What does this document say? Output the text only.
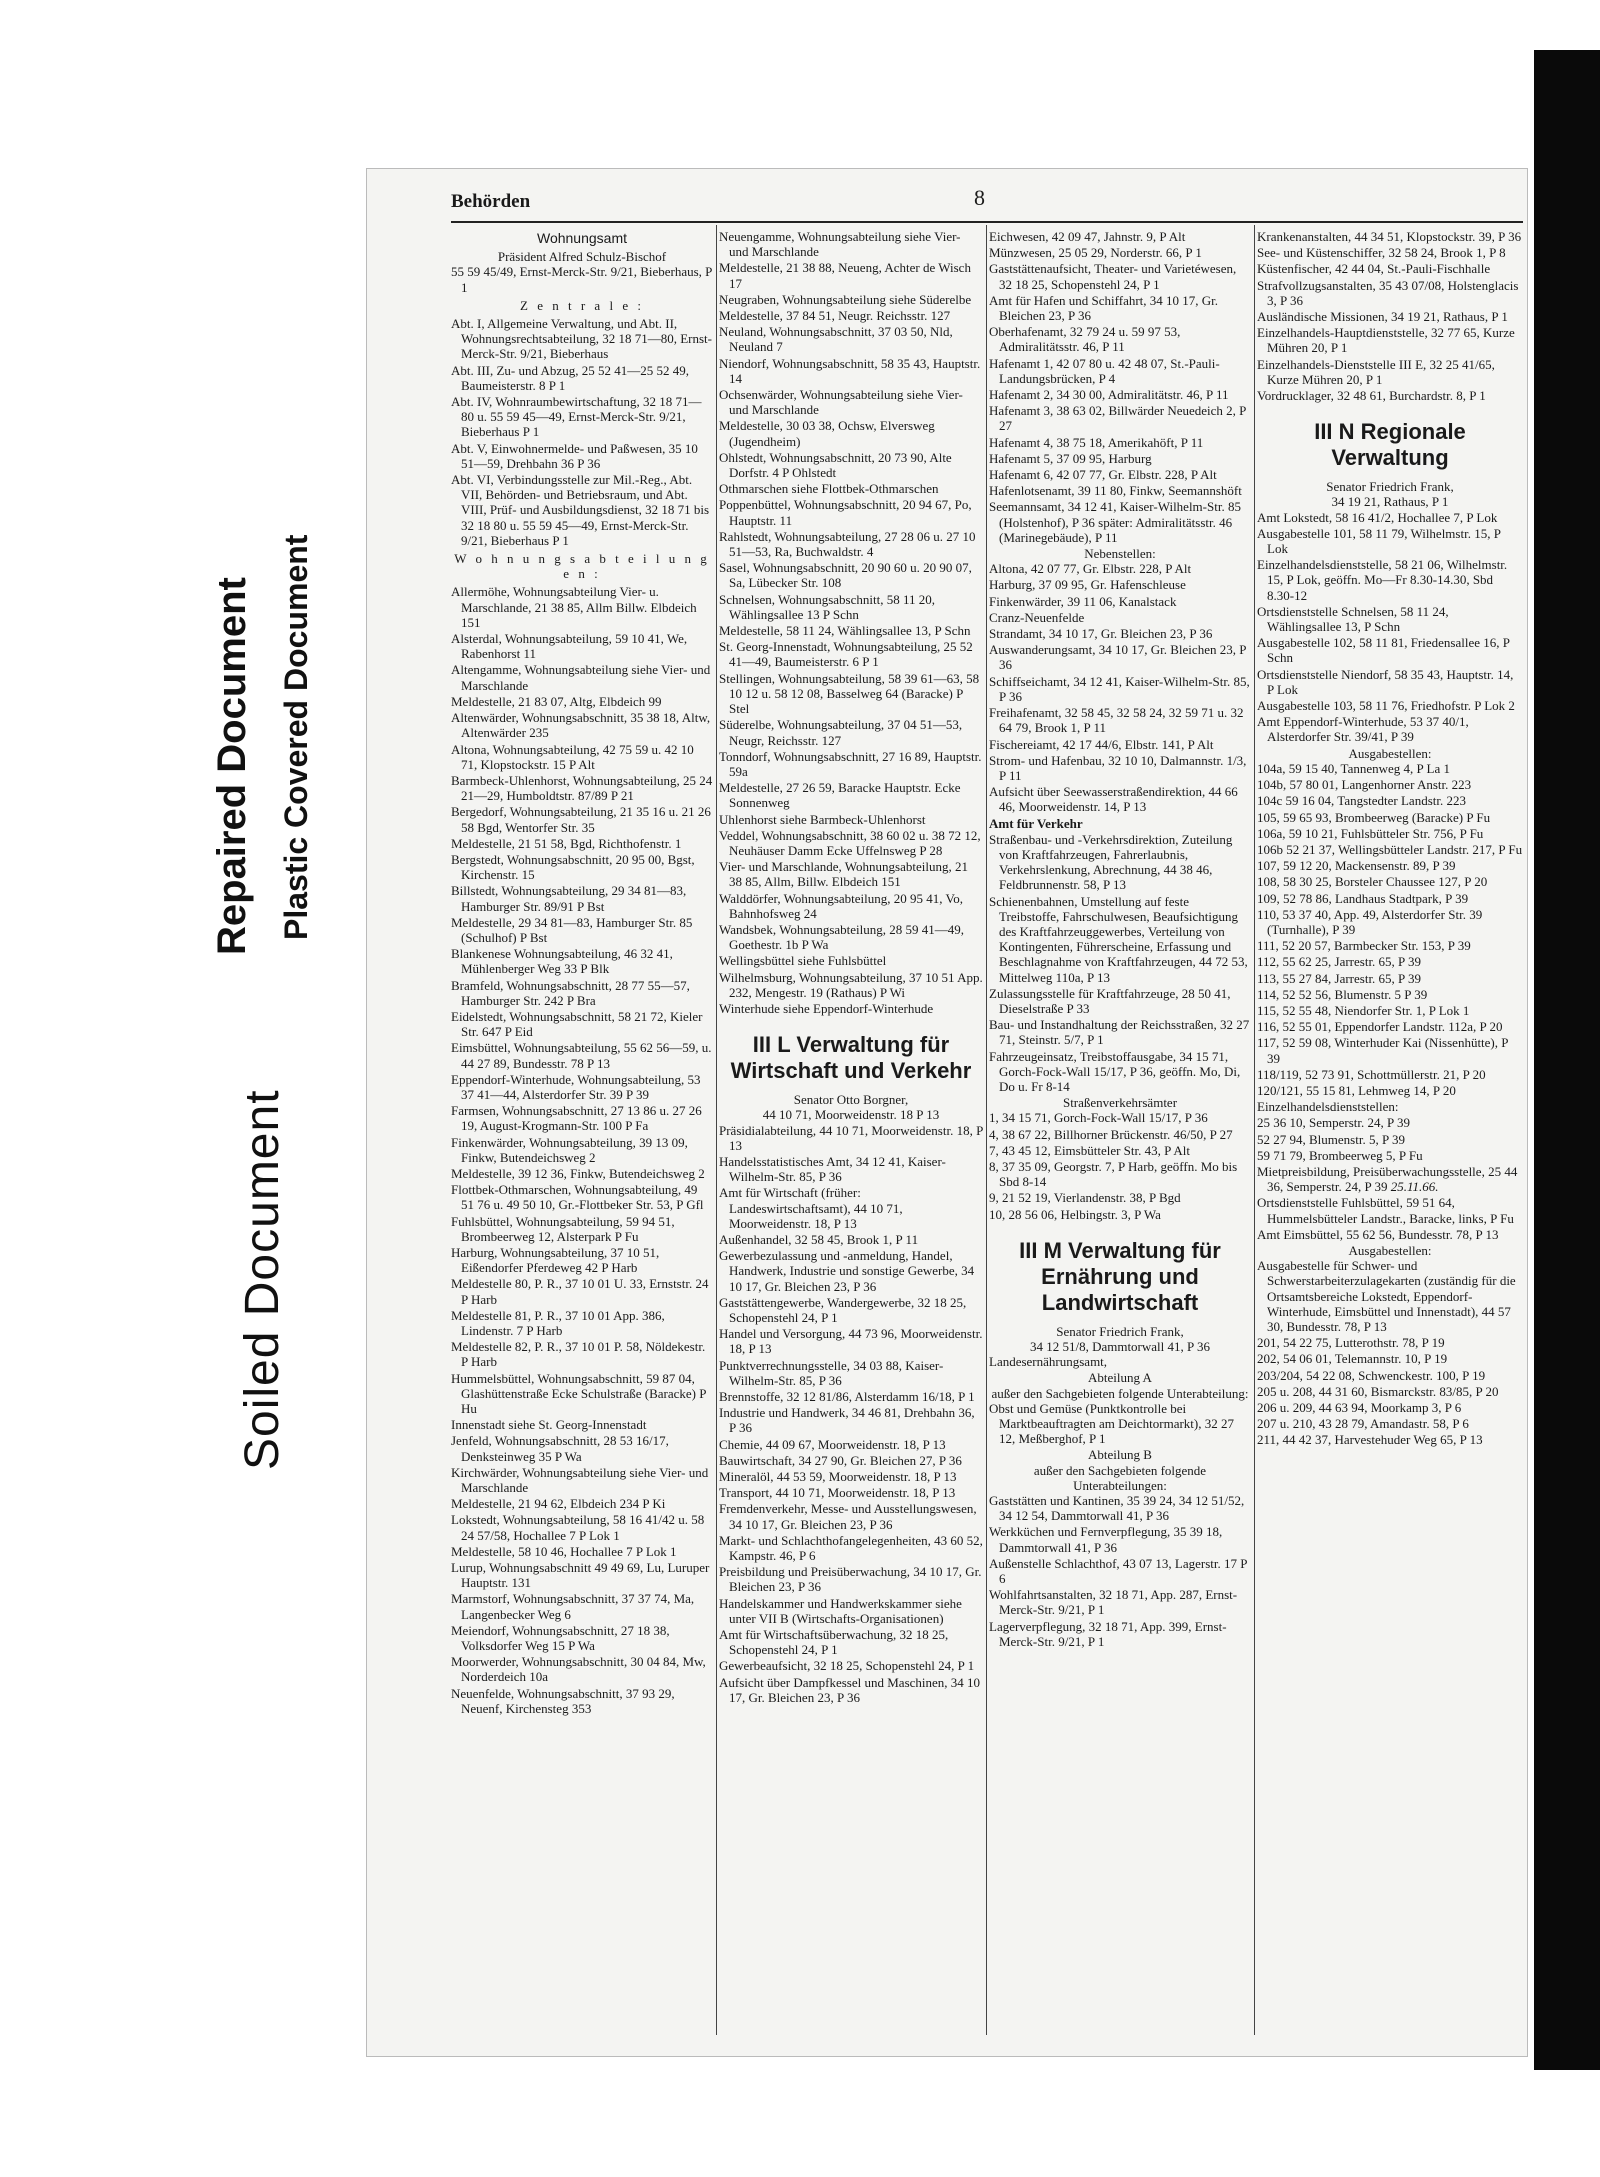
Repaired Document Plastic Covered Document
Soiled Document
Behörden	8
Wohnungsamt
Präsident Alfred Schulz-Bischof
55 59 45/49, Ernst-Merck-Str. 9/21, Bieberhaus, P 1
Z e n t r a l e :
Abt. I, Allgemeine Verwaltung, und Abt. II, Wohnungsrechtsabteilung, 32 18 71—80, Ernst-Merck-Str. 9/21, Bieberhaus
Abt. III, Zu- und Abzug, 25 52 41—25 52 49, Baumeisterstr. 8 P 1
Abt. IV, Wohnraumbewirtschaftung, 32 18 71—80 u. 55 59 45—49, Ernst-Merck-Str. 9/21, Bieberhaus P 1
Abt. V, Einwohnermelde- und Paßwesen, 35 10 51—59, Drehbahn 36 P 36
Abt. VI, Verbindungsstelle zur Mil.-Reg., Abt. VII, Behörden- und Betriebsraum, und Abt. VIII, Prüf- und Ausbildungsdienst, 32 18 71 bis 32 18 80 u. 55 59 45—49, Ernst-Merck-Str. 9/21, Bieberhaus P 1
W o h n u n g s a b t e i l u n g e n :
Allermöhe, Wohnungsabteilung Vier- u. Marschlande, 21 38 85, Allm Billw. Elbdeich 151
Alsterdal, Wohnungsabteilung, 59 10 41, We, Rabenhorst 11
Altengamme, Wohnungsabteilung siehe Vier- und Marschlande
Meldestelle, 21 83 07, Altg, Elbdeich 99
Altenwärder, Wohnungsabschnitt, 35 38 18, Altw, Altenwärder 235
Altona, Wohnungsabteilung, 42 75 59 u. 42 10 71, Klopstockstr. 15 P Alt
Barmbeck-Uhlenhorst, Wohnungsabteilung, 25 24 21—29, Humboldtstr. 87/89 P 21
Bergedorf, Wohnungsabteilung, 21 35 16 u. 21 26 58 Bgd, Wentorfer Str. 35
Meldestelle, 21 51 58, Bgd, Richthofenstr. 1
Bergstedt, Wohnungsabschnitt, 20 95 00, Bgst, Kirchenstr. 15
Billstedt, Wohnungsabteilung, 29 34 81—83, Hamburger Str. 89/91 P Bst
Meldestelle, 29 34 81—83, Hamburger Str. 85 (Schulhof) P Bst
Blankenese Wohnungsabteilung, 46 32 41, Mühlenberger Weg 33 P Blk
Bramfeld, Wohnungsabschnitt, 28 77 55—57, Hamburger Str. 242 P Bra
Eidelstedt, Wohnungsabschnitt, 58 21 72, Kieler Str. 647 P Eid
Eimsbüttel, Wohnungsabteilung, 55 62 56—59, u. 44 27 89, Bundesstr. 78 P 13
Eppendorf-Winterhude, Wohnungsabteilung, 53 37 41—44, Alsterdorfer Str. 39 P 39
Farmsen, Wohnungsabschnitt, 27 13 86 u. 27 26 19, August-Krogmann-Str. 100 P Fa
Finkenwärder, Wohnungsabteilung, 39 13 09, Finkw, Butendeichsweg 2
Meldestelle, 39 12 36, Finkw, Butendeichsweg 2
Flottbek-Othmarschen, Wohnungsabteilung, 49 51 76 u. 49 50 10, Gr.-Flottbeker Str. 53, P Gfl
Fuhlsbüttel, Wohnungsabteilung, 59 94 51, Brombeerweg 12, Alsterpark P Fu
Harburg, Wohnungsabteilung, 37 10 51, Eißendorfer Pferdeweg 42 P Harb
Meldestelle 80, P. R., 37 10 01 U. 33, Ernststr. 24 P Harb
Meldestelle 81, P. R., 37 10 01 App. 386, Lindenstr. 7 P Harb
Meldestelle 82, P. R., 37 10 01 P. 58, Nöldekestr. P Harb
Hummelsbüttel, Wohnungsabschnitt, 59 87 04, Glashüttenstraße Ecke Schulstraße (Baracke) P Hu
Innenstadt siehe St. Georg-Innenstadt
Jenfeld, Wohnungsabschnitt, 28 53 16/17, Denksteinweg 35 P Wa
Kirchwärder, Wohnungsabteilung siehe Vier- und Marschlande
Meldestelle, 21 94 62, Elbdeich 234 P Ki
Lokstedt, Wohnungsabteilung, 58 16 41/42 u. 58 24 57/58, Hochallee 7 P Lok 1
Meldestelle, 58 10 46, Hochallee 7 P Lok 1
Lurup, Wohnungsabschnitt 49 49 69, Lu, Luruper Hauptstr. 131
Marmstorf, Wohnungsabschnitt, 37 37 74, Ma, Langenbecker Weg 6
Meiendorf, Wohnungsabschnitt, 27 18 38, Volksdorfer Weg 15 P Wa
Moorwerder, Wohnungsabschnitt, 30 04 84, Mw, Norderdeich 10a
Neuenfelde, Wohnungsabschnitt, 37 93 29, Neuenf, Kirchensteg 353
Neuengamme, Wohnungsabteilung siehe Vier- und Marschlande
Meldestelle, 21 38 88, Neueng, Achter de Wisch 17
Neugraben, Wohnungsabteilung siehe Süderelbe
Meldestelle, 37 84 51, Neugr. Reichsstr. 127
Neuland, Wohnungsabschnitt, 37 03 50, Nld, Neuland 7
Niendorf, Wohnungsabschnitt, 58 35 43, Hauptstr. 14
Ochsenwärder, Wohnungsabteilung siehe Vier- und Marschlande
Meldestelle, 30 03 38, Ochsw, Elversweg (Jugendheim)
Ohlstedt, Wohnungsabschnitt, 20 73 90, Alte Dorfstr. 4 P Ohlstedt
Othmarschen siehe Flottbek-Othmarschen
Poppenbüttel, Wohnungsabschnitt, 20 94 67, Po, Hauptstr. 11
Rahlstedt, Wohnungsabteilung, 27 28 06 u. 27 10 51—53, Ra, Buchwaldstr. 4
Sasel, Wohnungsabschnitt, 20 90 60 u. 20 90 07, Sa, Lübecker Str. 108
Schnelsen, Wohnungsabschnitt, 58 11 20, Wählingsallee 13 P Schn
Meldestelle, 58 11 24, Wählingsallee 13, P Schn
St. Georg-Innenstadt, Wohnungsabteilung, 25 52 41—49, Baumeisterstr. 6 P 1
Stellingen, Wohnungsabteilung, 58 39 61—63, 58 10 12 u. 58 12 08, Basselweg 64 (Baracke) P Stel
Süderelbe, Wohnungsabteilung, 37 04 51—53, Neugr, Reichsstr. 127
Tonndorf, Wohnungsabschnitt, 27 16 89, Hauptstr. 59a
Meldestelle, 27 26 59, Baracke Hauptstr. Ecke Sonnenweg
Uhlenhorst siehe Barmbeck-Uhlenhorst
Veddel, Wohnungsabschnitt, 38 60 02 u. 38 72 12, Neuhäuser Damm Ecke Uffelnsweg P 28
Vier- und Marschlande, Wohnungsabteilung, 21 38 85, Allm, Billw. Elbdeich 151
Walddörfer, Wohnungsabteilung, 20 95 41, Vo, Bahnhofsweg 24
Wandsbek, Wohnungsabteilung, 28 59 41—49, Goethestr. 1b P Wa
Wellingsbüttel siehe Fuhlsbüttel
Wilhelmsburg, Wohnungsabteilung, 37 10 51 App. 232, Mengestr. 19 (Rathaus) P Wi
Winterhude siehe Eppendorf-Winterhude
III L Verwaltung für Wirtschaft und Verkehr
Senator Otto Borgner,
44 10 71, Moorweidenstr. 18 P 13
Präsidialabteilung, 44 10 71, Moorweidenstr. 18, P 13
Handelsstatistisches Amt, 34 12 41, Kaiser-Wilhelm-Str. 85, P 36
Amt für Wirtschaft (früher: Landeswirtschaftsamt), 44 10 71, Moorweidenstr. 18, P 13
Außenhandel, 32 58 45, Brook 1, P 11
Gewerbezulassung und -anmeldung, Handel, Handwerk, Industrie und sonstige Gewerbe, 34 10 17, Gr. Bleichen 23, P 36
Gaststättengewerbe, Wandergewerbe, 32 18 25, Schopenstehl 24, P 1
Handel und Versorgung, 44 73 96, Moorweidenstr. 18, P 13
Punktverrechnungsstelle, 34 03 88, Kaiser-Wilhelm-Str. 85, P 36
Brennstoffe, 32 12 81/86, Alsterdamm 16/18, P 1
Industrie und Handwerk, 34 46 81, Drehbahn 36, P 36
Chemie, 44 09 67, Moorweidenstr. 18, P 13
Bauwirtschaft, 34 27 90, Gr. Bleichen 27, P 36
Mineralöl, 44 53 59, Moorweidenstr. 18, P 13
Transport, 44 10 71, Moorweidenstr. 18, P 13
Fremdenverkehr, Messe- und Ausstellungswesen, 34 10 17, Gr. Bleichen 23, P 36
Markt- und Schlachthofangelegenheiten, 43 60 52, Kampstr. 46, P 6
Preisbildung und Preisüberwachung, 34 10 17, Gr. Bleichen 23, P 36
Handelskammer und Handwerkskammer siehe unter VII B (Wirtschafts-Organisationen)
Amt für Wirtschaftsüberwachung, 32 18 25, Schopenstehl 24, P 1
Gewerbeaufsicht, 32 18 25, Schopenstehl 24, P 1
Aufsicht über Dampfkessel und Maschinen, 34 10 17, Gr. Bleichen 23, P 36
Eichwesen, 42 09 47, Jahnstr. 9, P Alt
Münzwesen, 25 05 29, Norderstr. 66, P 1
Gaststättenaufsicht, Theater- und Varietéwesen, 32 18 25, Schopenstehl 24, P 1
Amt für Hafen und Schiffahrt, 34 10 17, Gr. Bleichen 23, P 36
Oberhafenamt, 32 79 24 u. 59 97 53, Admiralitätsstr. 46, P 11
Hafenamt 1, 42 07 80 u. 42 48 07, St.-Pauli-Landungsbrücken, P 4
Hafenamt 2, 34 30 00, Admiralitätstr. 46, P 11
Hafenamt 3, 38 63 02, Billwärder Neuedeich 2, P 27
Hafenamt 4, 38 75 18, Amerikahöft, P 11
Hafenamt 5, 37 09 95, Harburg
Hafenamt 6, 42 07 77, Gr. Elbstr. 228, P Alt
Hafenlotsenamt, 39 11 80, Finkw, Seemannshöft
Seemannsamt, 34 12 41, Kaiser-Wilhelm-Str. 85 (Holstenhof), P 36 später: Admiralitätsstr. 46 (Marinegebäude), P 11
Nebenstellen:
Altona, 42 07 77, Gr. Elbstr. 228, P Alt
Harburg, 37 09 95, Gr. Hafenschleuse
Finkenwärder, 39 11 06, Kanalstack
Cranz-Neuenfelde
Strandamt, 34 10 17, Gr. Bleichen 23, P 36
Auswanderungsamt, 34 10 17, Gr. Bleichen 23, P 36
Schiffseichamt, 34 12 41, Kaiser-Wilhelm-Str. 85, P 36
Freihafenamt, 32 58 45, 32 58 24, 32 59 71 u. 32 64 79, Brook 1, P 11
Fischereiamt, 42 17 44/6, Elbstr. 141, P Alt
Strom- und Hafenbau, 32 10 10, Dalmannstr. 1/3, P 11
Aufsicht über Seewasserstraßendirektion, 44 66 46, Moorweidenstr. 14, P 13
Amt für Verkehr
Straßenbau- und -Verkehrsdirektion, Zuteilung von Kraftfahrzeugen, Fahrerlaubnis, Verkehrslenkung, Abrechnung, 44 38 46, Feldbrunnenstr. 58, P 13
Schienenbahnen, Umstellung auf feste Treibstoffe, Fahrschulwesen, Beaufsichtigung des Kraftfahrzeuggewerbes, Verteilung von Kontingenten, Führerscheine, Erfassung und Beschlagnahme von Kraftfahrzeugen, 44 72 53, Mittelweg 110a, P 13
Zulassungsstelle für Kraftfahrzeuge, 28 50 41, Dieselstraße P 33
Bau- und Instandhaltung der Reichsstraßen, 32 27 71, Steinstr. 5/7, P 1
Fahrzeugeinsatz, Treibstoffausgabe, 34 15 71, Gorch-Fock-Wall 15/17, P 36, geöffn. Mo, Di, Do u. Fr 8-14
Straßenverkehrsämter
1, 34 15 71, Gorch-Fock-Wall 15/17, P 36
4, 38 67 22, Billhorner Brückenstr. 46/50, P 27
7, 43 45 12, Eimsbütteler Str. 43, P Alt
8, 37 35 09, Georgstr. 7, P Harb, geöffn. Mo bis Sbd 8-14
9, 21 52 19, Vierlandenstr. 38, P Bgd
10, 28 56 06, Helbingstr. 3, P Wa
III M Verwaltung für Ernährung und Landwirtschaft
Senator Friedrich Frank,
34 12 51/8, Dammtorwall 41, P 36
Landesernährungsamt,
Abteilung A
außer den Sachgebieten folgende Unterabteilung:
Obst und Gemüse (Punktkontrolle bei Marktbeauftragten am Deichtormarkt), 32 27 12, Meßberghof, P 1
Abteilung B
außer den Sachgebieten folgende Unterabteilungen:
Gaststätten und Kantinen, 35 39 24, 34 12 51/52, 34 12 54, Dammtorwall 41, P 36
Werkküchen und Fernverpflegung, 35 39 18, Dammtorwall 41, P 36
Außenstelle Schlachthof, 43 07 13, Lagerstr. 17 P 6
Wohlfahrtsanstalten, 32 18 71, App. 287, Ernst-Merck-Str. 9/21, P 1
Lagerverpflegung, 32 18 71, App. 399, Ernst-Merck-Str. 9/21, P 1
Krankenanstalten, 44 34 51, Klopstockstr. 39, P 36
See- und Küstenschiffer, 32 58 24, Brook 1, P 8
Küstenfischer, 42 44 04, St.-Pauli-Fischhalle
Strafvollzugsanstalten, 35 43 07/08, Holstenglacis 3, P 36
Ausländische Missionen, 34 19 21, Rathaus, P 1
Einzelhandels-Hauptdienststelle, 32 77 65, Kurze Mühren 20, P 1
Einzelhandels-Dienststelle III E, 32 25 41/65, Kurze Mühren 20, P 1
Vordrucklager, 32 48 61, Burchardstr. 8, P 1
III N Regionale Verwaltung
Senator Friedrich Frank,
34 19 21, Rathaus, P 1
Amt Lokstedt, 58 16 41/2, Hochallee 7, P Lok
Ausgabestelle 101, 58 11 79, Wilhelmstr. 15, P Lok
Einzelhandelsdienststelle, 58 21 06, Wilhelmstr. 15, P Lok, geöffn. Mo—Fr 8.30-14.30, Sbd 8.30-12
Ortsdienststelle Schnelsen, 58 11 24, Wählingsallee 13, P Schn
Ausgabestelle 102, 58 11 81, Friedensallee 16, P Schn
Ortsdienststelle Niendorf, 58 35 43, Hauptstr. 14, P Lok
Ausgabestelle 103, 58 11 76, Friedhofstr. P Lok 2
Amt Eppendorf-Winterhude, 53 37 40/1, Alsterdorfer Str. 39/41, P 39
Ausgabestellen:
104a, 59 15 40, Tannenweg 4, P La 1
104b, 57 80 01, Langenhorner Anstr. 223
104c 59 16 04, Tangstedter Landstr. 223
105, 59 65 93, Brombeerweg (Baracke) P Fu
106a, 59 10 21, Fuhlsbütteler Str. 756, P Fu
106b 52 21 37, Wellingsbütteler Landstr. 217, P Fu
107, 59 12 20, Mackensenstr. 89, P 39
108, 58 30 25, Borsteler Chaussee 127, P 20
109, 52 78 86, Landhaus Stadtpark, P 39
110, 53 37 40, App. 49, Alsterdorfer Str. 39 (Turnhalle), P 39
111, 52 20 57, Barmbecker Str. 153, P 39
112, 55 62 25, Jarrestr. 65, P 39
113, 55 27 84, Jarrestr. 65, P 39
114, 52 52 56, Blumenstr. 5 P 39
115, 52 55 48, Niendorfer Str. 1, P Lok 1
116, 52 55 01, Eppendorfer Landstr. 112a, P 20
117, 52 59 08, Winterhuder Kai (Nissenhütte), P 39
118/119, 52 73 91, Schottmüllerstr. 21, P 20
120/121, 55 15 81, Lehmweg 14, P 20
Einzelhandelsdienststellen:
25 36 10, Semperstr. 24, P 39
52 27 94, Blumenstr. 5, P 39
59 71 79, Brombeerweg 5, P Fu
Mietpreisbildung, Preisüberwachungsstelle, 25 44 36, Semperstr. 24, P 39 25.11.66.
Ortsdienststelle Fuhlsbüttel, 59 51 64, Hummelsbütteler Landstr., Baracke, links, P Fu
Amt Eimsbüttel, 55 62 56, Bundesstr. 78, P 13
Ausgabestellen:
Ausgabestelle für Schwer- und Schwerstarbeiterzulagekarten (zuständig für die Ortsamtsbereiche Lokstedt, Eppendorf-Winterhude, Eimsbüttel und Innenstadt), 44 57 30, Bundesstr. 78, P 13
201, 54 22 75, Lutterothstr. 78, P 19
202, 54 06 01, Telemannstr. 10, P 19
203/204, 54 22 08, Schwenckestr. 100, P 19
205 u. 208, 44 31 60, Bismarckstr. 83/85, P 20
206 u. 209, 44 63 94, Moorkamp 3, P 6
207 u. 210, 43 28 79, Amandastr. 58, P 6
211, 44 42 37, Harvestehuder Weg 65, P 13
